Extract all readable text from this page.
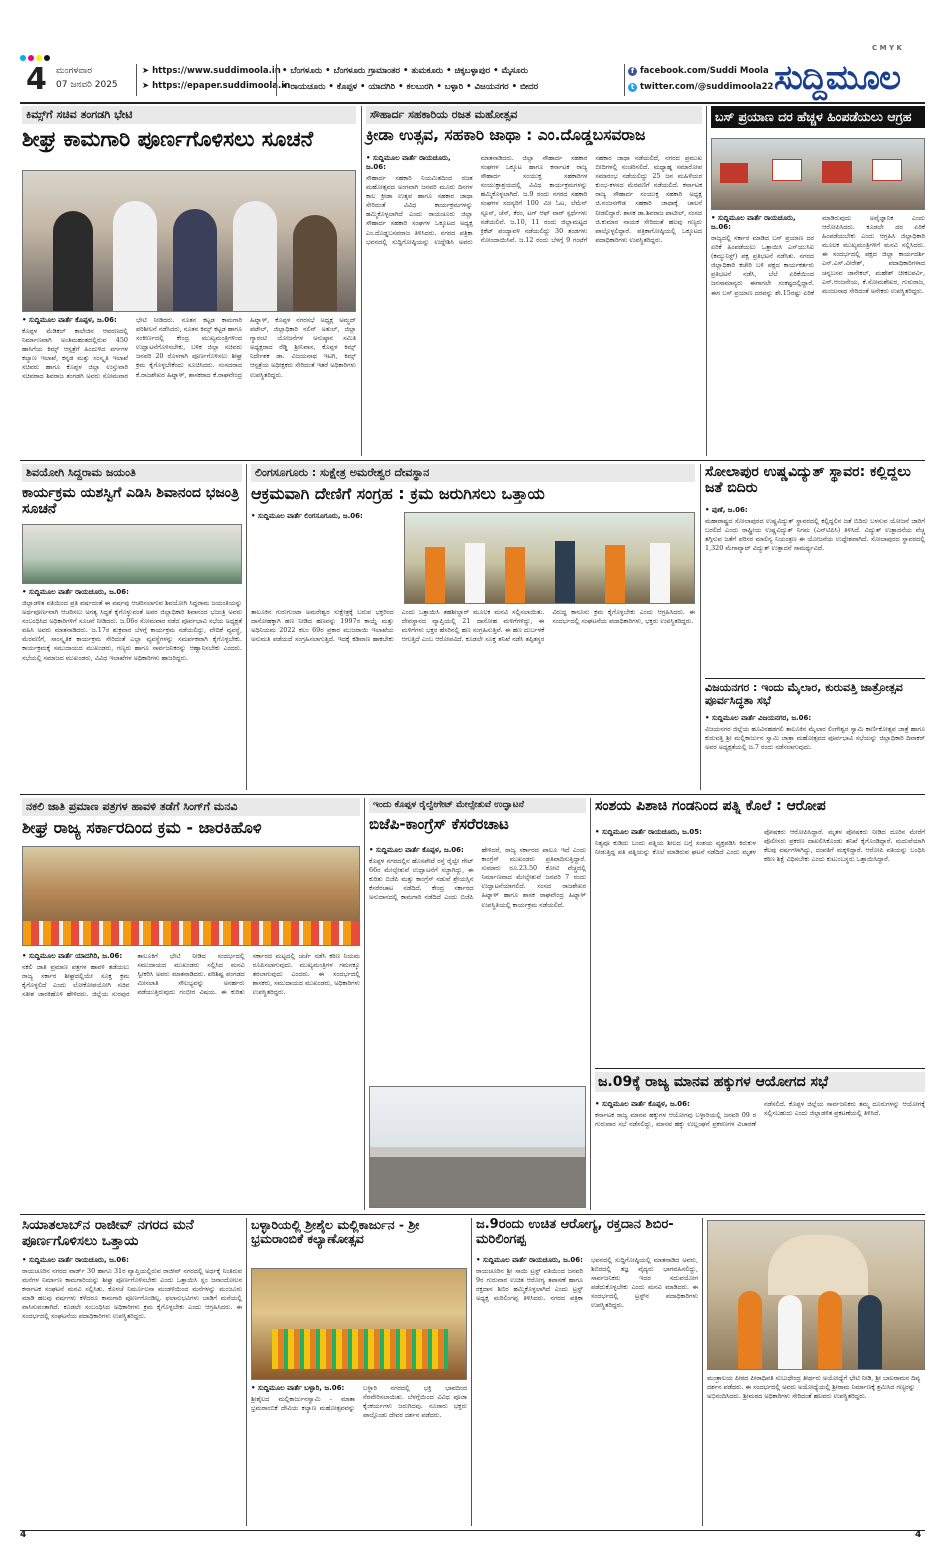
C M Y K
4 ಮಂಗಳವಾರ
07 ಜನವರಿ 2025
➤ https://www.suddimoola.in
➤ https://epaper.suddimoola.in
• ಬೆಂಗಳೂರು • ಬೆಂಗಳೂರು ಗ್ರಾಮಾಂತರ • ತುಮಕೂರು • ಚಿಕ್ಕಬಳ್ಳಾಪುರ • ಮೈಸೂರು
• ರಾಯಚೂರು • ಕೊಪ್ಪಳ • ಯಾದಗಿರಿ • ಕಲಬುರಗಿ • ಬಳ್ಳಾರಿ • ವಿಜಯನಗರ • ಬೀದರ
f facebook.com/Suddi Moola
t twitter.com/@suddimoola22 ಸುದ್ದಿಮೂಲ
ಕಿಮ್ಸ್‌ಗೆ ಸಚಿವ ತಂಗಡಗಿ ಭೇಟಿ
ಶೀಘ್ರ ಕಾಮಗಾರಿ ಪೂರ್ಣಗೊಳಿಸಲು ಸೂಚನೆ
• ಸುದ್ದಿಮೂಲ ವಾರ್ತೆ ಕೊಪ್ಪಳ, ಜ.06:
ಕೊಪ್ಪಳ ಮೆಡಿಕಲ್ ಕಾಲೇಜಿನ ಆವರಣದಲ್ಲಿ ನಿರ್ಮಾಣವಾಗಿ ಅಂತಿಮಹಂತದಲ್ಲಿರುವ 450 ಹಾಸಿಗೆಯ ಕಿಮ್ಸ್ ಆಸ್ಪತ್ರೆಗೆ ಹಿಂದುಳಿದ ವರ್ಗಗಳ ಕಲ್ಯಾಣ ಇಲಾಖೆ, ಕನ್ನಡ ಮತ್ತು ಸಂಸ್ಕೃತಿ ಇಲಾಖೆ ಸಚಿವರು ಹಾಗೂ ಕೊಪ್ಪಳ ಜಿಲ್ಲಾ ಉಸ್ತುವಾರಿ ಸಚಿವರಾದ ಶಿವರಾಜ ತಂಗಡಗಿ ಅವರು ಸೋಮವಾರ ಭೇಟಿ ನೀಡಿದರು. ನೂತನ ಕಟ್ಟಡ ಕಾಮಗಾರಿ ಪರಿಶೀಲನೆ ನಡೆಸಿದರು, ನೂತನ ಕಿಮ್ಸ್ ಕಟ್ಟಡ ಹಾಗೂ ಸಂಕೀರ್ಣದಲ್ಲಿ ಕೇಂದ್ರ ಮುಖ್ಯಮಂತ್ರಿಗಳಿಂದ ಉದ್ಘಾಟನೆಗೊಳಿಸಬೇಕು, ಬಳಿಕ ಜಿಲ್ಲಾ ಸಚಿವರು ಜನವರಿ 20 ರೊಳಗಾಗಿ ಪೂರ್ಣಗೊಳಿಸಲು ಶೀಘ್ರ ಕ್ರಮ ಕೈಗೊಳ್ಳಬೇಕೆಂದು ಸೂಚಿಸಿದರು. ಸಂಸದರಾದ ಕೆ.ರಾಜಶೇಖರ ಹಿಟ್ನಾಳ್, ಶಾಸಕರಾದ ಕೆ.ರಾಘವೇಂದ್ರ ಹಿಟ್ನಾಳ್, ಕೊಪ್ಪಳ ನಗರಸಭೆ ಅಧ್ಯಕ್ಷ ಅಮ್ಜದ್ ಪಟೇಲ್, ಜಿಲ್ಲಾಧಿಕಾರಿ ನಲಿನ್ ಅತುಲ್, ಜಿಲ್ಲಾ ಗ್ಯಾರಂಟಿ ಯೋಜನೆಗಳ ಅನುಷ್ಠಾನ ಸಮಿತಿ ಅಧ್ಯಕ್ಷರಾದ ರೆಡ್ಡಿ ಶ್ರೀನಿವಾಸ, ಕೊಪ್ಪಳ ಕಿಮ್ಸ್ ನಿರ್ದೇಶಕ ಡಾ. ವಿಜಯನಾಥ ಇಟಗಿ, ಕಿಮ್ಸ್ ಆಸ್ಪತ್ರೆಯ ಅಧೀಕ್ಷಕರು ಸೇರಿದಂತೆ ಇತರೆ ಅಧಿಕಾರಿಗಳು ಉಪಸ್ಥಿತರಿದ್ದರು.
ಸೌಹಾರ್ದ ಸಹಕಾರಿಯ ರಜತ ಮಹೋತ್ಸವ
ಕ್ರೀಡಾ ಉತ್ಸವ, ಸಹಕಾರಿ ಜಾಥಾ : ಎಂ.ದೊಡ್ಡಬಸವರಾಜ
• ಸುದ್ದಿಮೂಲ ವಾರ್ತೆ ರಾಯಚೂರು, ಜ.06:
ಸೌಹಾರ್ದ ಸಹಕಾರಿ ನಿಯಮಿತದಿಂದ ರಜತ ಮಹೋತ್ಸವದ ಅಂಗವಾಗಿ ಜನವರಿ ಮೂರು ದಿನಗಳ ಕಾಲ ಕ್ರೀಡಾ ಉತ್ಸವ ಹಾಗೂ ಸಹಕಾರ ಜಾಥಾ ಸೇರಿದಂತೆ ವಿವಿಧ ಕಾರ್ಯಕ್ರಮಗಳನ್ನು ಹಮ್ಮಿಕೊಳ್ಳಲಾಗಿದೆ ಎಂದು ರಾಯಚೂರು ಜಿಲ್ಲಾ ಸೌಹಾರ್ದ ಸಹಕಾರಿ ಸಂಘಗಳ ಒಕ್ಕೂಟದ ಅಧ್ಯಕ್ಷ ಎಂ.ದೊಡ್ಡಬಸವರಾಜ ತಿಳಿಸಿದರು. ನಗರದ ಪತ್ರಿಕಾ ಭವನದಲ್ಲಿ ಸುದ್ದಿಗೋಷ್ಠಿಯನ್ನು ಉದ್ದೇಶಿಸಿ ಅವರು ಮಾತನಾಡಿದರು. ಜಿಲ್ಲಾ ಸೌಹಾರ್ದ ಸಹಕಾರ ಸಂಘಗಳ ಒಕ್ಕೂಟ ಹಾಗೂ ಕರ್ನಾಟಕ ರಾಜ್ಯ ಸೌಹಾರ್ದ ಸಂಯುಕ್ತ ಸಹಕಾರಿಗಳ ಸಂಯುಕ್ತಾಶ್ರಯದಲ್ಲಿ ವಿವಿಧ ಕಾರ್ಯಕ್ರಮಗಳನ್ನು ಹಮ್ಮಿಕೊಳ್ಳಲಾಗಿದೆ. ಜ.9 ರಂದು ನಗರದ ಸಹಕಾರಿ ಸಂಘಗಳ ಸದಸ್ಯರಿಗೆ 100 ಮೀ ಓಟ, ಲೆಮೆನ್ ಸ್ಪೂನ್, ಚೆಸ್, ಕೆರಂ, ಟಗ್ ಆಫ್ ವಾರ್ ಸ್ಪರ್ಧೆಗಳು ನಡೆಯಲಿವೆ. ಜ.10, 11 ರಂದು ಜಿಲ್ಲಾಮಟ್ಟದ ಕ್ರಿಕೆಟ್ ಪಂದ್ಯಾವಳಿ ನಡೆಯಲಿದ್ದು 30 ತಂಡಗಳು ನೋಂದಾಯಿಸಿವೆ. ಜ.12 ರಂದು ಬೆಳಗ್ಗೆ 9 ಗಂಟೆಗೆ ಸಹಕಾರ ಜಾಥಾ ನಡೆಯಲಿದೆ, ನಗರದ ಪ್ರಮುಖ ಬೀದಿಗಳಲ್ಲಿ ಸಂಚರಿಸಲಿದೆ. ಮಧ್ಯಾಹ್ನ ಸಮಾರೋಪ ಸಮಾರಂಭ ನಡೆಯಲಿದ್ದು 25 ಜನ ಮಹಿಳೆಯರ ಕುಂಭ-ಕಳಸದ ಮೆರವಣಿಗೆ ನಡೆಯಲಿದೆ. ಕರ್ನಾಟಕ ರಾಜ್ಯ ಸೌಹಾರ್ದ ಸಂಯುಕ್ತ ಸಹಕಾರಿ ಅಧ್ಯಕ್ಷ ಜಿ.ನಂಜನಗೌಡ ಸಹಕಾರಿ ಜಾಥಾಕ್ಕೆ ಚಾಲನೆ ನೀಡಲಿದ್ದಾರೆ. ಶಾಸಕ ಡಾ.ಶಿವರಾಜ ಪಾಟೀಲ್, ಸಂಸದ ಜಿ.ಕುಮಾರ ನಾಯಕ ಸೇರಿದಂತೆ ಹಲವು ಗಣ್ಯರು ಪಾಲ್ಗೊಳ್ಳಲಿದ್ದಾರೆ. ಪತ್ರಿಕಾಗೋಷ್ಠಿಯಲ್ಲಿ ಒಕ್ಕೂಟದ ಪದಾಧಿಕಾರಿಗಳು ಉಪಸ್ಥಿತರಿದ್ದರು.
ಬಸ್ ಪ್ರಯಾಣ ದರ ಹೆಚ್ಚಳ ಹಿಂಪಡೆಯಲು ಆಗ್ರಹ
• ಸುದ್ದಿಮೂಲ ವಾರ್ತೆ ರಾಯಚೂರು, ಜ.06:
ರಾಜ್ಯದಲ್ಲಿ ಸರ್ಕಾರ ಮಾಡಿದ ಬಸ್ ಪ್ರಯಾಣ ದರ ಏರಿಕೆ ಹಿಂಪಡೆಯಲು ಒತ್ತಾಯಿಸಿ ಎಸ್‌ಯುಸಿಐ (ಕಮ್ಯುನಿಸ್ಟ್) ಪಕ್ಷ ಪ್ರತಿಭಟನೆ ನಡೆಸಿತು. ನಗರದ ಜಿಲ್ಲಾಧಿಕಾರಿ ಕಚೇರಿ ಬಳಿ ಪಕ್ಷದ ಕಾರ್ಯಕರ್ತರು ಪ್ರತಿಭಟನೆ ನಡೆಸಿ, ಬೆಲೆ ಏರಿಕೆಯಿಂದ ಜನಸಾಮಾನ್ಯರು ಈಗಾಗಲೇ ಸಂಕಷ್ಟದಲ್ಲಿದ್ದಾರೆ. ಈಗ ಬಸ್ ಪ್ರಯಾಣ ದರವನ್ನು ಶೇ.15ರಷ್ಟು ಏರಿಕೆ ಮಾಡಿರುವುದು ಅವೈಜ್ಞಾನಿಕ ಎಂದು ಆರೋಪಿಸಿದರು. ಕೂಡಲೇ ದರ ಏರಿಕೆ ಹಿಂಪಡೆಯಬೇಕು ಎಂದು ಆಗ್ರಹಿಸಿ ಜಿಲ್ಲಾಧಿಕಾರಿ ಮೂಲಕ ಮುಖ್ಯಮಂತ್ರಿಗಳಿಗೆ ಮನವಿ ಸಲ್ಲಿಸಿದರು. ಈ ಸಂದರ್ಭದಲ್ಲಿ ಪಕ್ಷದ ಜಿಲ್ಲಾ ಕಾರ್ಯದರ್ಶಿ ಎನ್.ಎಸ್.ವೀರೇಶ್, ಪದಾಧಿಕಾರಿಗಳಾದ ಚನ್ನಬಸವ ಜಾನೇಕಲ್, ಮಹೇಶ್ ಚೀಕಲಪರ್ವಿ, ಎನ್.ಆಂಜನೇಯ, ಕೆ.ಸೋಮಶೇಖರ, ಗುರುರಾಜ, ಮಂಜುನಾಥ ಸೇರಿದಂತೆ ಅನೇಕರು ಉಪಸ್ಥಿತರಿದ್ದರು.
ಶಿವಯೋಗಿ ಸಿದ್ದರಾಮ ಜಯಂತಿ
ಕಾರ್ಯಕ್ರಮ ಯಶಸ್ವಿಗೆ ಎಡಿಸಿ ಶಿವಾನಂದ ಭಜಂತ್ರಿ ಸೂಚನೆ
• ಸುದ್ದಿಮೂಲ ವಾರ್ತೆ ರಾಯಚೂರು, ಜ.06:
ಜಿಲ್ಲಾಡಳಿತ ವತಿಯಿಂದ ಪ್ರತಿ ವರ್ಷದಂತೆ ಈ ವರ್ಷವು ಆಚರಿಸಲಾಗುವ ಶಿವಯೋಗಿ ಸಿದ್ದರಾಮ ಜಯಂತಿಯನ್ನು ಅರ್ಥಪೂರ್ಣವಾಗಿ ಆಚರಿಸಲು ಅಗತ್ಯ ಸಿದ್ಧತೆ ಕೈಗೊಳ್ಳುವಂತೆ ಅಪರ ಜಿಲ್ಲಾಧಿಕಾರಿ ಶಿವಾನಂದ ಭಜಂತ್ರಿ ಅವರು ಸಂಬಂಧಿಸಿದ ಅಧಿಕಾರಿಗಳಿಗೆ ಸೂಚನೆ ನೀಡಿದರು. ಜ.06ರ ಸೋಮವಾರ ನಡೆದ ಪೂರ್ವಭಾವಿ ಸಭೆಯ ಅಧ್ಯಕ್ಷತೆ ವಹಿಸಿ ಅವರು ಮಾತನಾಡಿದರು. ಜ.17ರ ಶುಕ್ರವಾರ ಬೆಳಗ್ಗೆ ಕಾರ್ಯಕ್ರಮ ನಡೆಯಲಿದ್ದು, ವೇದಿಕೆ ವ್ಯವಸ್ಥೆ, ಮೆರವಣಿಗೆ, ಸಾಂಸ್ಕೃತಿಕ ಕಾರ್ಯಕ್ರಮ ಸೇರಿದಂತೆ ಎಲ್ಲಾ ವ್ಯವಸ್ಥೆಗಳನ್ನು ಸಮರ್ಪಕವಾಗಿ ಕೈಗೊಳ್ಳಬೇಕು. ಕಾರ್ಯಕ್ರಮಕ್ಕೆ ಸಮುದಾಯದ ಮುಖಂಡರು, ಗಣ್ಯರು ಹಾಗೂ ಸಾರ್ವಜನಿಕರನ್ನು ಆಹ್ವಾನಿಸಬೇಕು ಎಂದರು. ಸಭೆಯಲ್ಲಿ ಸಮಾಜದ ಮುಖಂಡರು, ವಿವಿಧ ಇಲಾಖೆಗಳ ಅಧಿಕಾರಿಗಳು ಹಾಜರಿದ್ದರು.
ಲಿಂಗಸೂಗೂರು : ಸುಕ್ಷೇತ್ರ ಅಮರೇಶ್ವರ ದೇವಸ್ಥಾನ
ಆಕ್ರಮವಾಗಿ ದೇಣಿಗೆ ಸಂಗ್ರಹ : ಕ್ರಮ ಜರುಗಿಸಲು ಒತ್ತಾಯ
• ಸುದ್ದಿಮೂಲ ವಾರ್ತೆ ಲಿಂಗಸೂಗೂರು, ಜ.06:
ತಾಲೂಕಿನ ಗುರುಗುಂಟಾ ಅಮರೇಶ್ವರ ಸುಕ್ಷೇತ್ರಕ್ಕೆ ಬರುವ ಭಕ್ತರಿಂದ ದಾಸೋಹಕ್ಕಾಗಿ ಹಣ ನೀಡಿದ ಹಣವನ್ನು 1997ರ ಕಾಯ್ದೆ ಮತ್ತು ಅಧಿನಿಯಮ 2022 ಕಲಂ 69ರ ಪ್ರಕಾರ ಮುಜರಾಯಿ ಇಲಾಖೆಯ ಅನುಮತಿ ಪಡೆಯದೆ ಸಂಗ್ರಹಿಸಲಾಗುತ್ತಿದೆ. ಇದಕ್ಕೆ ಕಡಿವಾಣ ಹಾಕಬೇಕು ಎಂದು ಒತ್ತಾಯಿಸಿ ತಹಶೀಲ್ದಾರ್ ಮೂಲಕ ಮನವಿ ಸಲ್ಲಿಸಲಾಯಿತು. ದೇವಸ್ಥಾನದ ವ್ಯಾಪ್ತಿಯಲ್ಲಿ 21 ದಾಸೋಹ ಮಳಿಗೆಗಳಿದ್ದು, ಈ ಮಳಿಗೆಗಳು ಭಕ್ತರ ಹೆಸರಿನಲ್ಲಿ ಹಣ ಸಂಗ್ರಹಿಸುತ್ತಿವೆ. ಈ ಹಣ ದುರ್ಬಳಕೆ ಆಗುತ್ತಿದೆ ಎಂಬ ಆರೋಪವಿದೆ. ಕೂಡಲೇ ಸೂಕ್ತ ತನಿಖೆ ನಡೆಸಿ ತಪ್ಪಿತಸ್ಥರ ವಿರುದ್ಧ ಕಾನೂನು ಕ್ರಮ ಕೈಗೊಳ್ಳಬೇಕು ಎಂದು ಆಗ್ರಹಿಸಿದರು. ಈ ಸಂದರ್ಭದಲ್ಲಿ ಸಂಘಟನೆಯ ಪದಾಧಿಕಾರಿಗಳು, ಭಕ್ತರು ಉಪಸ್ಥಿತರಿದ್ದರು.
ಸೋಲಾಪುರ ಉಷ್ಣವಿದ್ಯುತ್ ಸ್ಥಾವರ: ಕಲ್ಲಿದ್ದಲು ಜತೆ ಬಿದಿರು
• ಪುಣೆ, ಜ.06:
ಮಹಾರಾಷ್ಟ್ರದ ಸೋಲಾಪುರದ ಉಷ್ಣವಿದ್ಯುತ್ ಸ್ಥಾವರದಲ್ಲಿ ಕಲ್ಲಿದ್ದಲಿನ ಜತೆ ಬಿದಿರು ಬಳಸುವ ಯೋಜನೆ ಜಾರಿಗೆ ಬರಲಿದೆ ಎಂದು ರಾಷ್ಟ್ರೀಯ ಉಷ್ಣವಿದ್ಯುತ್ ನಿಗಮ (ಎನ್‌ಟಿಪಿಸಿ) ತಿಳಿಸಿದೆ. ವಿದ್ಯುತ್ ಉತ್ಪಾದನೆಯ ವೆಚ್ಚ ತಗ್ಗಿಸುವ ಜತೆಗೆ ಪರಿಸರ ಮಾಲಿನ್ಯ ನಿಯಂತ್ರಣ ಈ ಯೋಜನೆಯ ಉದ್ದೇಶವಾಗಿದೆ. ಸೋಲಾಪುರದ ಸ್ಥಾವರದಲ್ಲಿ 1,320 ಮೆಗಾವ್ಯಾಟ್ ವಿದ್ಯುತ್ ಉತ್ಪಾದನೆ ಸಾಮರ್ಥ್ಯವಿದೆ.
ವಿಜಯನಗರ : ಇಂದು ಮೈಲಾರ, ಕುರುವತ್ತಿ ಜಾತ್ರೋತ್ಸವ ಪೂರ್ವಸಿದ್ಧತಾ ಸಭೆ
• ಸುದ್ದಿಮೂಲ ವಾರ್ತೆ ವಿಜಯನಗರ, ಜ.06:
ವಿಜಯನಗರ ಜಿಲ್ಲೆಯ ಹೂವಿನಹಡಗಲಿ ತಾಲೂಕಿನ ಮೈಲಾರ ಲಿಂಗೇಶ್ವರ ಸ್ವಾಮಿ ಕಾರ್ಣಿಕೋತ್ಸವ ಜಾತ್ರೆ ಹಾಗೂ ಕುರುವತ್ತಿ ಶ್ರೀ ಮಲ್ಲಿಕಾರ್ಜುನ ಸ್ವಾಮಿ ಜಾತ್ರಾ ಮಹೋತ್ಸವದ ಪೂರ್ವಭಾವಿ ಸಭೆಯನ್ನು ಜಿಲ್ಲಾಧಿಕಾರಿ ದಿವಾಕರ್ ಅವರ ಅಧ್ಯಕ್ಷತೆಯಲ್ಲಿ ಜ.7 ರಂದು ನಡೆಸಲಾಗುವುದು.
ನಕಲಿ ಜಾತಿ ಪ್ರಮಾಣ ಪತ್ರಗಳ ಹಾವಳಿ ತಡೆಗೆ ಸಿಂಗ್‌ಗೆ ಮನವಿ
ಶೀಘ್ರ ರಾಜ್ಯ ಸರ್ಕಾರದಿಂದ ಕ್ರಮ - ಜಾರಕಿಹೊಳಿ
• ಸುದ್ದಿಮೂಲ ವಾರ್ತೆ ಯಾದಗಿರಿ, ಜ.06:
ನಕಲಿ ಜಾತಿ ಪ್ರಮಾಣ ಪತ್ರಗಳ ಹಾವಳಿ ತಡೆಯಲು ರಾಜ್ಯ ಸರ್ಕಾರ ಶೀಘ್ರದಲ್ಲಿಯೇ ಸೂಕ್ತ ಕ್ರಮ ಕೈಗೊಳ್ಳಲಿದೆ ಎಂದು ಲೋಕೋಪಯೋಗಿ ಸಚಿವ ಸತೀಶ ಜಾರಕಿಹೊಳಿ ಹೇಳಿದರು. ಜಿಲ್ಲೆಯ ಸುರಪುರ ತಾಲೂಕಿಗೆ ಭೇಟಿ ನೀಡಿದ ಸಂದರ್ಭದಲ್ಲಿ ಸಮುದಾಯದ ಮುಖಂಡರು ಸಲ್ಲಿಸಿದ ಮನವಿ ಸ್ವೀಕರಿಸಿ ಅವರು ಮಾತನಾಡಿದರು. ಪರಿಶಿಷ್ಟ ಪಂಗಡದ ಮೀಸಲಾತಿ ಸೌಲಭ್ಯವನ್ನು ಅನರ್ಹರು ಪಡೆಯುತ್ತಿರುವುದು ಗಂಭೀರ ವಿಷಯ. ಈ ಕುರಿತು ಸರ್ಕಾರದ ಮಟ್ಟದಲ್ಲಿ ಚರ್ಚೆ ನಡೆಸಿ ಕಠಿಣ ನಿಯಮ ರೂಪಿಸಲಾಗುವುದು. ಮುಖ್ಯಮಂತ್ರಿಗಳ ಗಮನಕ್ಕೂ ತರಲಾಗುವುದು ಎಂದರು. ಈ ಸಂದರ್ಭದಲ್ಲಿ ಶಾಸಕರು, ಸಮುದಾಯದ ಮುಖಂಡರು, ಅಧಿಕಾರಿಗಳು ಉಪಸ್ಥಿತರಿದ್ದರು.
ಇಂದು ಕೊಪ್ಪಳ ರೈಲ್ವೇಗೇಟ್ ಮೇಲ್ಸೇತುವೆ ಉದ್ಘಾಟನೆ
ಬಿಜೆಪಿ-ಕಾಂಗ್ರೆಸ್ ಕೆಸರೆರಚಾಟ
• ಸುದ್ದಿಮೂಲ ವಾರ್ತೆ ಕೊಪ್ಪಳ, ಜ.06:
ಕೊಪ್ಪಳ ನಗರದಲ್ಲಿನ ಹೊಸಪೇಟೆ ರಸ್ತೆ ರೈಲ್ವೇ ಗೇಟ್ 66ರ ಮೇಲ್ಸೇತುವೆ ಉದ್ಘಾಟನೆಗೆ ಸಜ್ಜಾಗಿದ್ದು, ಈ ಕುರಿತು ಬಿಜೆಪಿ ಮತ್ತು ಕಾಂಗ್ರೆಸ್ ನಡುವೆ ಶ್ರೇಯಸ್ಸಿನ ಕೆಸರೆರಚಾಟ ನಡೆದಿದೆ. ಕೇಂದ್ರ ಸರ್ಕಾರದ ಅನುದಾನದಲ್ಲಿ ಕಾಮಗಾರಿ ನಡೆದಿದೆ ಎಂದು ಬಿಜೆಪಿ ಹೇಳಿದರೆ, ರಾಜ್ಯ ಸರ್ಕಾರದ ಪಾಲೂ ಇದೆ ಎಂದು ಕಾಂಗ್ರೆಸ್ ಮುಖಂಡರು ಪ್ರತಿಪಾದಿಸುತ್ತಿದ್ದಾರೆ. ಸುಮಾರು ರೂ.23.50 ಕೋಟಿ ವೆಚ್ಚದಲ್ಲಿ ನಿರ್ಮಾಣವಾದ ಮೇಲ್ಸೇತುವೆ ಜನವರಿ 7 ರಂದು ಉದ್ಘಾಟನೆಯಾಗಲಿದೆ. ಸಂಸದ ರಾಜಶೇಖರ ಹಿಟ್ನಾಳ್ ಹಾಗೂ ಶಾಸಕ ರಾಘವೇಂದ್ರ ಹಿಟ್ನಾಳ್ ಉಪಸ್ಥಿತಿಯಲ್ಲಿ ಕಾರ್ಯಕ್ರಮ ನಡೆಯಲಿದೆ.
ಸಂಶಯ ಪಿಶಾಚಿ ಗಂಡನಿಂದ ಪತ್ನಿ ಕೊಲೆ : ಆರೋಪ
• ಸುದ್ದಿಮೂಲ ವಾರ್ತೆ ರಾಯಚೂರು, ಜ.05:
ನಿತ್ಯವೂ ಕುಡಿದು ಬಂದು ಪತ್ನಿಯ ಶೀಲದ ಬಗ್ಗೆ ಸಂಶಯ ವ್ಯಕ್ತಪಡಿಸಿ ಕಿರುಕುಳ ನೀಡುತ್ತಿದ್ದ ಪತಿ ಪತ್ನಿಯನ್ನು ಕೊಲೆ ಮಾಡಿರುವ ಘಟನೆ ನಡೆದಿದೆ ಎಂದು ಮೃತಳ ಪೋಷಕರು ಆರೋಪಿಸಿದ್ದಾರೆ. ಮೃತಳ ಪೋಷಕರು ನೀಡಿದ ದೂರಿನ ಮೇರೆಗೆ ಪೊಲೀಸರು ಪ್ರಕರಣ ದಾಖಲಿಸಿಕೊಂಡು ತನಿಖೆ ಕೈಗೊಂಡಿದ್ದಾರೆ. ಮದುವೆಯಾಗಿ ಕೆಲವು ವರ್ಷಗಳಾಗಿದ್ದು, ದಂಪತಿಗೆ ಮಕ್ಕಳಿದ್ದಾರೆ. ಆರೋಪಿ ಪತಿಯನ್ನು ಬಂಧಿಸಿ ಕಠಿಣ ಶಿಕ್ಷೆ ವಿಧಿಸಬೇಕು ಎಂದು ಕುಟುಂಬಸ್ಥರು ಒತ್ತಾಯಿಸಿದ್ದಾರೆ.
ಜ.09ಕ್ಕೆ ರಾಜ್ಯ ಮಾನವ ಹಕ್ಕುಗಳ ಆಯೋಗದ ಸಭೆ
• ಸುದ್ದಿಮೂಲ ವಾರ್ತೆ ಕೊಪ್ಪಳ, ಜ.06:
ಕರ್ನಾಟಕ ರಾಜ್ಯ ಮಾನವ ಹಕ್ಕುಗಳ ಆಯೋಗವು ಬಳ್ಳಾರಿಯಲ್ಲಿ ಜನವರಿ 09 ರ ಗುರುವಾರ ಸಭೆ ನಡೆಸಲಿದ್ದು, ಮಾನವ ಹಕ್ಕು ಉಲ್ಲಂಘನೆ ಪ್ರಕರಣಗಳ ವಿಚಾರಣೆ ನಡೆಸಲಿದೆ. ಕೊಪ್ಪಳ ಜಿಲ್ಲೆಯ ಸಾರ್ವಜನಿಕರು ತಮ್ಮ ದೂರುಗಳನ್ನು ಆಯೋಗಕ್ಕೆ ಸಲ್ಲಿಸಬಹುದು ಎಂದು ಜಿಲ್ಲಾಡಳಿತ ಪ್ರಕಟಣೆಯಲ್ಲಿ ತಿಳಿಸಿದೆ.
ಸಿಯಾತಲಾಬ್‌ನ ರಾಜೀವ್ ನಗರದ ಮನೆ ಪೂರ್ಣಗೊಳಿಸಲು ಒತ್ತಾಯ
• ಸುದ್ದಿಮೂಲ ವಾರ್ತೆ ರಾಯಚೂರು, ಜ.06:
ರಾಯಚೂರಿನ ನಗರದ ವಾರ್ಡ್ 30 ಹಾಗೂ 31ರ ವ್ಯಾಪ್ತಿಯಲ್ಲಿರುವ ರಾಜೀವ್ ನಗರದಲ್ಲಿ ಅರ್ಧಕ್ಕೆ ನಿಂತಿರುವ ಮನೆಗಳ ನಿರ್ಮಾಣ ಕಾಮಗಾರಿಯನ್ನು ಶೀಘ್ರ ಪೂರ್ಣಗೊಳಿಸಬೇಕು ಎಂದು ಒತ್ತಾಯಿಸಿ ಸ್ಲಂ ಜನಾಂದೋಲನ ಕರ್ನಾಟಕ ಸಂಘಟನೆ ಮನವಿ ಸಲ್ಲಿಸಿತು. ಕೊಳಚೆ ನಿರ್ಮೂಲನಾ ಮಂಡಳಿಯಿಂದ ಮನೆಗಳನ್ನು ಮಂಜೂರು ಮಾಡಿ ಹಲವು ವರ್ಷಗಳು ಕಳೆದರೂ ಕಾಮಗಾರಿ ಪೂರ್ಣಗೊಂಡಿಲ್ಲ. ಫಲಾನುಭವಿಗಳು ಬಾಡಿಗೆ ಮನೆಯಲ್ಲಿ ವಾಸಿಸುವಂತಾಗಿದೆ. ಕೂಡಲೇ ಸಂಬಂಧಿಸಿದ ಅಧಿಕಾರಿಗಳು ಕ್ರಮ ಕೈಗೊಳ್ಳಬೇಕು ಎಂದು ಆಗ್ರಹಿಸಿದರು. ಈ ಸಂದರ್ಭದಲ್ಲಿ ಸಂಘಟನೆಯ ಪದಾಧಿಕಾರಿಗಳು ಉಪಸ್ಥಿತರಿದ್ದರು.
ಬಳ್ಳಾರಿಯಲ್ಲಿ ಶ್ರೀಶೈಲ ಮಲ್ಲಿಕಾರ್ಜುನ - ಶ್ರೀ ಭ್ರಮರಾಂಬಿಕೆ ಕಲ್ಯಾಣೋತ್ಸವ
• ಸುದ್ದಿಮೂಲ ವಾರ್ತೆ ಬಳ್ಳಾರಿ, ಜ.06:
ಶ್ರೀಶೈಲದ ಮಲ್ಲಿಕಾರ್ಜುನಸ್ವಾಮಿ - ಮಾತಾ ಭ್ರಮರಾಂಬಿಕೆ ದೇವಿಯ ಕಲ್ಯಾಣ ಮಹೋತ್ಸವವನ್ನು ಬಳ್ಳಾರಿ ನಗರದಲ್ಲಿ ಭಕ್ತಿ ಭಾವದಿಂದ ನೆರವೇರಿಸಲಾಯಿತು. ಬೆಳಗ್ಗೆಯಿಂದ ವಿವಿಧ ಪೂಜಾ ಕೈಂಕರ್ಯಗಳು ಜರುಗಿದವು. ನೂರಾರು ಭಕ್ತರು ಪಾಲ್ಗೊಂಡು ದೇವರ ದರ್ಶನ ಪಡೆದರು.
ಜ.9ರಂದು ಉಚಿತ ಆರೋಗ್ಯ, ರಕ್ತದಾನ ಶಿಬಿರ-ಮರಿಲಿಂಗಪ್ಪ
• ಸುದ್ದಿಮೂಲ ವಾರ್ತೆ ರಾಯಚೂರು, ಜ.06:
ರಾಯಚೂರಿನ ಶ್ರೀ ಸಾಯಿ ಟ್ರಸ್ಟ್ ವತಿಯಿಂದ ಜನವರಿ 9ರ ಗುರುವಾರ ಉಚಿತ ಆರೋಗ್ಯ ತಪಾಸಣೆ ಹಾಗೂ ರಕ್ತದಾನ ಶಿಬಿರ ಹಮ್ಮಿಕೊಳ್ಳಲಾಗಿದೆ ಎಂದು ಟ್ರಸ್ಟ್ ಅಧ್ಯಕ್ಷ ಮರಿಲಿಂಗಪ್ಪ ತಿಳಿಸಿದರು. ನಗರದ ಪತ್ರಿಕಾ ಭವನದಲ್ಲಿ ಸುದ್ದಿಗೋಷ್ಠಿಯಲ್ಲಿ ಮಾತನಾಡಿದ ಅವರು, ಶಿಬಿರದಲ್ಲಿ ತಜ್ಞ ವೈದ್ಯರು ಭಾಗವಹಿಸಲಿದ್ದು, ಸಾರ್ವಜನಿಕರು ಇದರ ಸದುಪಯೋಗ ಪಡೆದುಕೊಳ್ಳಬೇಕು ಎಂದು ಮನವಿ ಮಾಡಿದರು. ಈ ಸಂದರ್ಭದಲ್ಲಿ ಟ್ರಸ್ಟ್‌ನ ಪದಾಧಿಕಾರಿಗಳು ಉಪಸ್ಥಿತರಿದ್ದರು.
ಮಂತ್ರಾಲಯ ಪೀಠದ ಪೀಠಾಧಿಪತಿ ಸುಬುಧೇಂದ್ರ ತೀರ್ಥರು ಅಯೋಧ್ಯೆಗೆ ಭೇಟಿ ನೀಡಿ, ಶ್ರೀ ಬಾಲರಾಮನ ದಿವ್ಯ ದರ್ಶನ ಪಡೆದರು. ಈ ಸಂದರ್ಭದಲ್ಲಿ ಅವರು ಅಯೋಧ್ಯೆಯಲ್ಲಿ ಶ್ರೀರಾಮ ನಿರ್ಮಾಣಕ್ಕೆ ಶ್ರಮಿಸಿದ ಗಣ್ಯರನ್ನು ಅಭಿನಂದಿಸಿದರು. ಶ್ರೀಮಠದ ಅಧಿಕಾರಿಗಳು ಸೇರಿದಂತೆ ಹಲವರು ಉಪಸ್ಥಿತರಿದ್ದರು.
4	4
